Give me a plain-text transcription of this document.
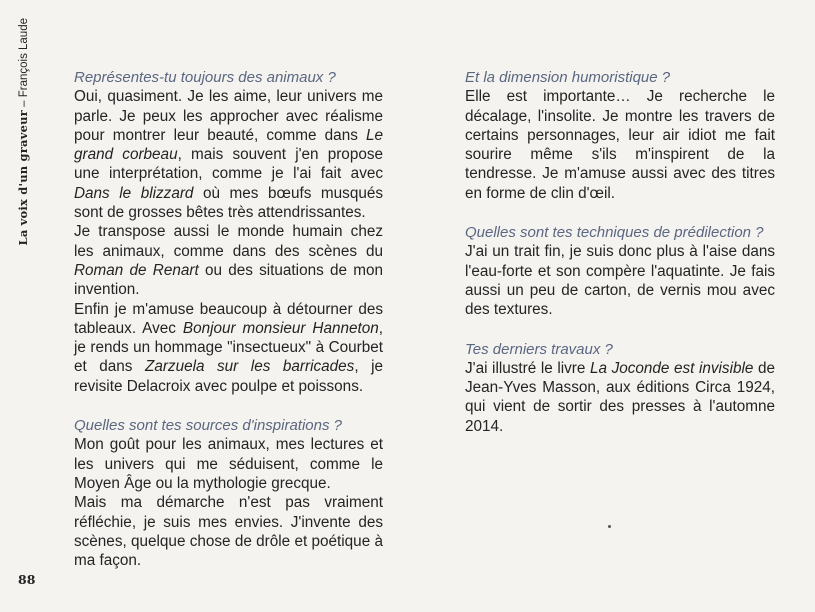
La voix d'un graveur – François Laude	Représentes-tu toujours des animaux ?

Oui, quasiment. Je les aime, leur univers me parle. Je peux les approcher avec réalisme pour montrer leur beauté, comme dans Le grand corbeau, mais souvent j'en propose une interprétation, comme je l'ai fait avec Dans le blizzard où mes bœufs musqués sont de grosses bêtes très attendrissantes.

Je transpose aussi le monde humain chez les animaux, comme dans des scènes du Roman de Renart ou des situations de mon invention.

Enfin je m'amuse beaucoup à détourner des tableaux. Avec Bonjour monsieur Hanneton, je rends un hommage "insectueux" à Courbet et dans Zarzuela sur les barricades, je revisite Delacroix avec poulpe et poissons.

Quelles sont tes sources d'inspirations ?

Mon goût pour les animaux, mes lectures et les univers qui me séduisent, comme le Moyen Âge ou la mythologie grecque.

Mais ma démarche n'est pas vraiment réfléchie, je suis mes envies. J'invente des scènes, quelque chose de drôle et poétique à ma façon.

Et la dimension humoristique ?

Elle est importante… Je recherche le décalage, l'insolite. Je montre les travers de certains personnages, leur air idiot me fait sourire même s'ils m'inspirent de la tendresse. Je m'amuse aussi avec des titres en forme de clin d'œil.

Quelles sont tes techniques de prédilection ?

J'ai un trait fin, je suis donc plus à l'aise dans l'eau-forte et son compère l'aquatinte. Je fais aussi un peu de carton, de vernis mou avec des textures.

Tes derniers travaux ?

J'ai illustré le livre La Joconde est invisible de Jean-Yves Masson, aux éditions Circa 1924, qui vient de sortir des presses à l'automne 2014.

88
